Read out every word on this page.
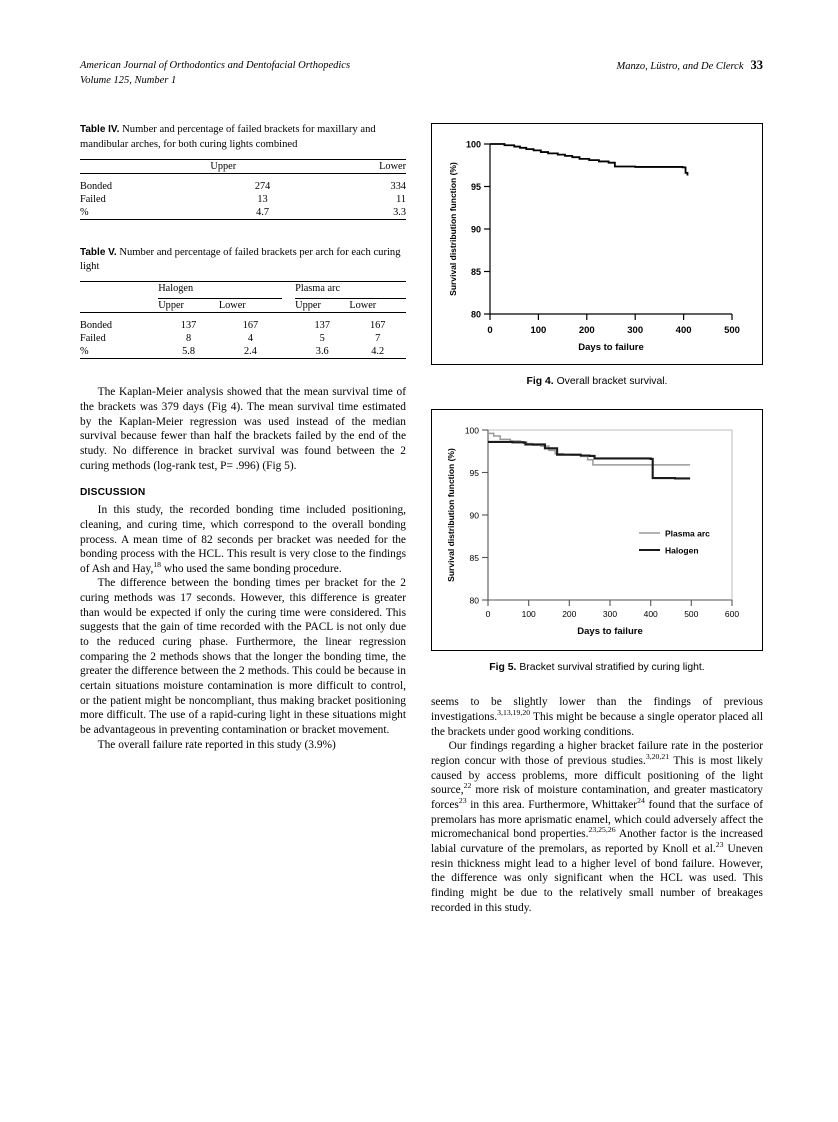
American Journal of Orthodontics and Dentofacial Orthopedics
Volume 125, Number 1
Manzo, Lüstro, and De Clerck 33
Table IV. Number and percentage of failed brackets for maxillary and mandibular arches, for both curing lights combined
	Upper	Lower

Bonded	274	334
Failed	13	11
%	4.7	3.3
Table V. Number and percentage of failed brackets per arch for each curing light
	Halogen			Plasma arc	

	Upper	Lower		Upper	Lower

Bonded	137	167		137	167
Failed	8	4		5	7
%	5.8	2.4		3.6	4.2

The Kaplan-Meier analysis showed that the mean survival time of the brackets was 379 days (Fig 4). The mean survival time estimated by the Kaplan-Meier regression was used instead of the median survival because fewer than half the brackets failed by the end of the study. No difference in bracket survival was found between the 2 curing methods (log-rank test, P= .996) (Fig 5).

DISCUSSION

In this study, the recorded bonding time included positioning, cleaning, and curing time, which correspond to the overall bonding process. A mean time of 82 seconds per bracket was needed for the bonding process with the HCL. This result is very close to the findings of Ash and Hay,$^{18}$ who used the same bonding procedure.

The difference between the bonding times per bracket for the 2 curing methods was 17 seconds. However, this difference is greater than would be expected if only the curing time were considered. This suggests that the gain of time recorded with the PACL is not only due to the reduced curing phase. Furthermore, the linear regression comparing the 2 methods shows that the longer the bonding time, the greater the difference between the 2 methods. This could be because in certain situations moisture contamination is more difficult to control, or the patient might be noncompliant, thus making bracket positioning more difficult. The use of a rapid-curing light in these situations might be advantageous in preventing contamination or bracket movement.

The overall failure rate reported in this study (3.9%)

100
95
90
85
80
0	100	200	300	400	500
Days to failure
Survival distribution function (%)
Fig 4. Overall bracket survival.
100
95
90
85
80
0	100	200	300	400	500	600
Days to failure
Survival distribution function (%)	Plasma arc
Halogen
Fig 5. Bracket survival stratified by curing light.

seems to be slightly lower than the findings of previous investigations.$^{3,13,19,20}$ This might be because a single operator placed all the brackets under good working conditions.

Our findings regarding a higher bracket failure rate in the posterior region concur with those of previous studies.$^{3,20,21}$ This is most likely caused by access problems, more difficult positioning of the light source,$^{22}$ more risk of moisture contamination, and greater masticatory forces$^{23}$ in this area. Furthermore, Whittaker$^{24}$ found that the surface of premolars has more aprismatic enamel, which could adversely affect the micromechanical bond properties.$^{23,25,26}$ Another factor is the increased labial curvature of the premolars, as reported by Knoll et al.$^{23}$ Uneven resin thickness might lead to a higher level of bond failure. However, the difference was only significant when the HCL was used. This finding might be due to the relatively small number of breakages recorded in this study.
